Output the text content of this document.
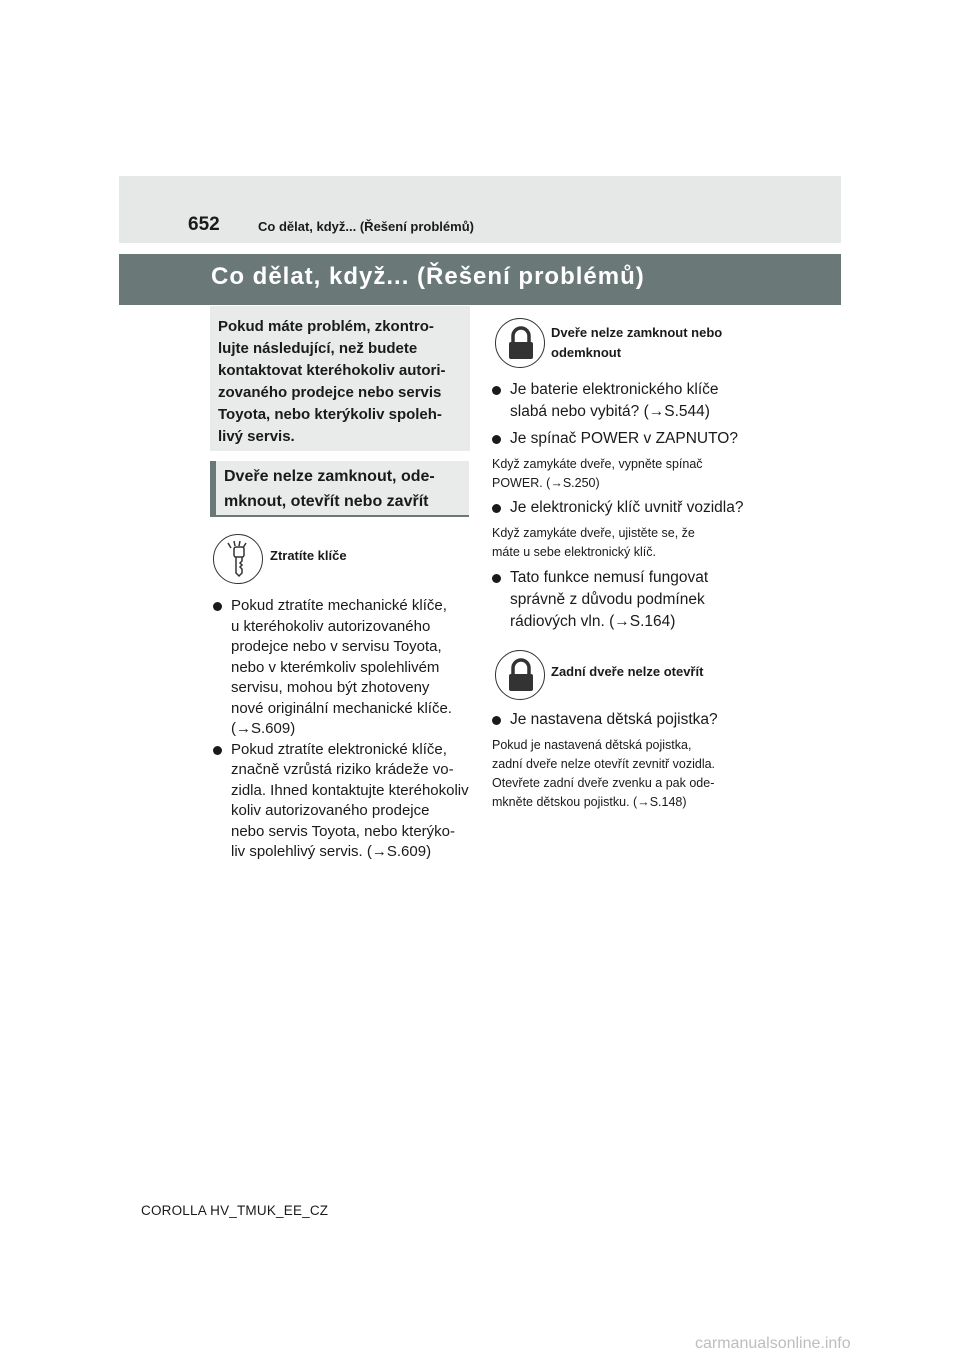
652	Co dělat, když... (Řešení problémů)
Co dělat, když... (Řešení problémů)

Pokud máte problém, zkontro-

lujte následující, než budete

kontaktovat kteréhokoliv autori-

zovaného prodejce nebo servis

Toyota, nebo kterýkoliv spoleh-

livý servis.

Dveře nelze zamknout, ode-

mknout, otevřít nebo zavřít

Ztratíte klíče
Pokud ztratíte mechanické klíče,
u kteréhokoliv autorizovaného
prodejce nebo v servisu Toyota,
nebo v kterémkoliv spolehlivém
servisu, mohou být zhotoveny
nové originální mechanické klíče.
(→S.609)
Pokud ztratíte elektronické klíče,
značně vzrůstá riziko krádeže vo-
zidla. Ihned kontaktujte kteréhokoliv
koliv autorizovaného prodejce
nebo servis Toyota, nebo kterýko-
liv spolehlivý servis. (→S.609)
Dveře nelze zamknout nebo
odemknout
Je baterie elektronického klíče
slabá nebo vybitá? (→S.544)
Je spínač POWER v ZAPNUTO?
Když zamykáte dveře, vypněte spínač
POWER. (→S.250)
Je elektronický klíč uvnitř vozidla?
Když zamykáte dveře, ujistěte se, že
máte u sebe elektronický klíč.
Tato funkce nemusí fungovat
správně z důvodu podmínek
rádiových vln. (→S.164)
Zadní dveře nelze otevřít
Je nastavena dětská pojistka?
Pokud je nastavená dětská pojistka,
zadní dveře nelze otevřít zevnitř vozidla.
Otevřete zadní dveře zvenku a pak ode-
mkněte dětskou pojistku. (→S.148)
COROLLA HV_TMUK_EE_CZ
carmanualsonline.info
